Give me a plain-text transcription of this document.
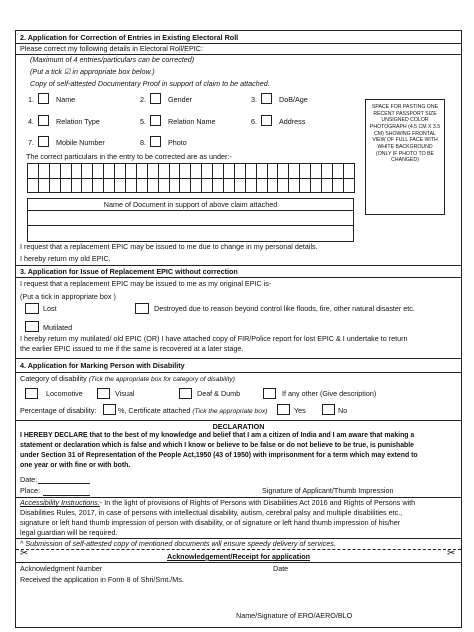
2. Application for Correction of Entries in Existing Electoral Roll
Please correct my following details in Electoral Roll/EPIC:
(Maximum of 4 entries/particulars can be corrected)
(Put a tick ☑ in appropriate box below.)
Copy of self-attested Documentary Proof in support of claim to be attached.
1.	Name	2.	Gender	3.	DoB/Age
4.	Relation Type	5.	Relation Name	6.	Address
7.	Mobile Number	8.	Photo
SPACE FOR PASTING ONE RECENT PASSPORT SIZE UNSIGNED COLOR PHOTOGRAPH (4.5 CM X 3.5 CM) SHOWING FRONTAL VIEW OF FULL FACE WITH WHITE BACKGROUND (ONLY IF PHOTO TO BE CHANGED)
The correct particulars in the entry to be corrected are as under:-

Name of Document in support of above claim attached
I request that a replacement EPIC may be issued to me due to change in my personal details.
I hereby return my old EPIC.
3. Application for Issue of Replacement EPIC without correction
I request that a replacement EPIC may be issued to me as my original EPIC is-
(Put a tick in appropriate box )
Lost	Destroyed due to reason beyond control like floods, fire, other natural disaster etc.
Mutilated
I hereby return my mutilated/ old EPIC (OR) I have attached copy of FIR/Police report for lost EPIC & I undertake to return
the earlier EPIC issued to me if the same is recovered at a later stage.
4. Application for Marking Person with Disability
Category of disability (Tick the appropriate box for category of disability)
Locomotive	Visual	Deaf & Dumb	If any other (Give description)
Percentage of disability:	%, Certificate attached (Tick the appropriate box)	Yes	No
DECLARATION
I HEREBY DECLARE that to the best of my knowledge and belief that I am a citizen of India and I am aware that making a
statement or declaration which is false and which I know or believe to be false or do not believe to be true, is punishable
under Section 31 of Representation of the People Act,1950 (43 of 1950) with imprisonment for a term which may extend to
one year or with fine or with both.
Date:
Place:	Signature of Applicant/Thumb Impression
Accessibility Instructions:- In the light of provisions of Rights of Persons with Disabilities Act 2016 and Rights of Persons with
Disabilities Rules, 2017, in case of persons with intellectual disability, autism, cerebral palsy and multiple disabilities etc.,
signature or left hand thumb impression of person with disability, or of signature or left hand thumb impression of his/her
legal guardian will be required.
^ Submission of self-attested copy of mentioned documents will ensure speedy delivery of services.
✂	✂
Acknowledgement/Receipt for application
Acknowledgment Number	Date
Received the application in Form 8 of Shri/Smt./Ms.
Name/Signature of ERO/AERO/BLO
